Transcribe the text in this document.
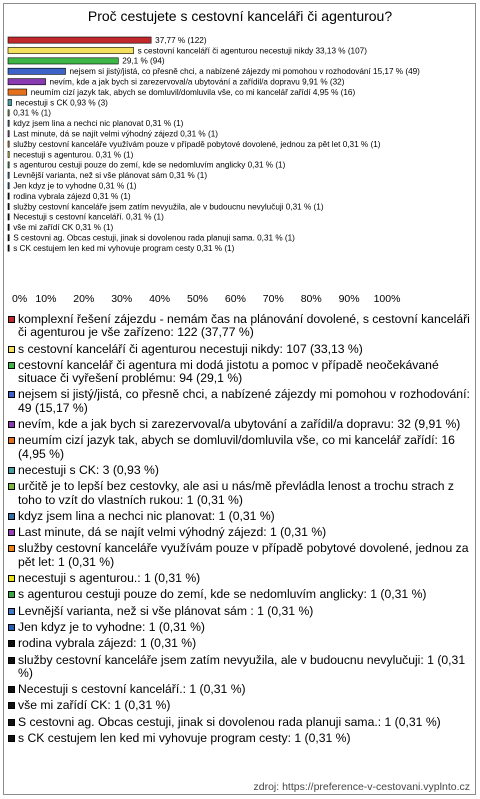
Proč cestujete s cestovní kanceláři či agenturou?
37,77 % (122)
s cestovní kanceláří či agenturou necestuji nikdy 33,13 % (107)
29,1 % (94)
nejsem si jistý/jistá, co přesně chci, a nabízené zájezdy mi pomohou v rozhodování 15,17 % (49)
nevím, kde a jak bych si zarezervoval/a ubytování a zařídil/a dopravu 9,91 % (32)
neumím cizí jazyk tak, abych se domluvil/domluvila vše, co mi kancelář zařídí 4,95 % (16)
necestuji s CK 0,93 % (3)
0,31 % (1)
kdyz jsem lina a nechci nic planovat 0,31 % (1)
Last minute, dá se najít velmi výhodný zájezd 0,31 % (1)
služby cestovní kanceláře využívám pouze v případě pobytové dovolené, jednou za pět let 0,31 % (1)
necestuji s agenturou. 0,31 % (1)
s agenturou cestuji pouze do zemí, kde se nedomluvím anglicky 0,31 % (1)
Levnější varianta, než si vše plánovat sám 0,31 % (1)
Jen kdyz je to vyhodne 0,31 % (1)
rodina vybrala zájezd 0,31 % (1)
služby cestovní kanceláře jsem zatím nevyužila, ale v budoucnu nevylučuji 0,31 % (1)
Necestuji s cestovní kanceláří. 0,31 % (1)
vše mi zařídí CK 0,31 % (1)
S cestovni ag. Obcas cestuji, jinak si dovolenou rada planuji sama. 0,31 % (1)
s CK cestujem len ked mi vyhovuje program cesty 0,31 % (1)
0% 10% 20% 30% 40% 50% 60% 70% 80% 90% 100%
komplexní řešení zájezdu - nemám čas na plánování dovolené, s cestovní kanceláři či agenturou je vše zařízeno: 122 (37,77 %)
s cestovní kanceláří či agenturou necestuji nikdy: 107 (33,13 %)
cestovní kancelář či agentura mi dodá jistotu a pomoc v případě neočekávané situace či vyřešení problému: 94 (29,1 %)
nejsem si jistý/jistá, co přesně chci, a nabízené zájezdy mi pomohou v rozhodování: 49 (15,17 %)
nevím, kde a jak bych si zarezervoval/a ubytování a zařídil/a dopravu: 32 (9,91 %)
neumím cizí jazyk tak, abych se domluvil/domluvila vše, co mi kancelář zařídí: 16 (4,95 %)
necestuji s CK: 3 (0,93 %)
určitě je to lepší bez cestovky, ale asi u nás/mě převládla lenost a trochu strach z toho to vzít do vlastních rukou: 1 (0,31 %)
kdyz jsem lina a nechci nic planovat: 1 (0,31 %)
Last minute, dá se najít velmi výhodný zájezd: 1 (0,31 %)
služby cestovní kanceláře využívám pouze v případě pobytové dovolené, jednou za pět let: 1 (0,31 %)
necestuji s agenturou.: 1 (0,31 %)
s agenturou cestuji pouze do zemí, kde se nedomluvím anglicky: 1 (0,31 %)
Levnější varianta, než si vše plánovat sám : 1 (0,31 %)
Jen kdyz je to vyhodne: 1 (0,31 %)
rodina vybrala zájezd: 1 (0,31 %)
služby cestovní kanceláře jsem zatím nevyužila, ale v budoucnu nevylučuji: 1 (0,31 %)
Necestuji s cestovní kanceláří.: 1 (0,31 %)
vše mi zařídí CK: 1 (0,31 %)
S cestovni ag. Obcas cestuji, jinak si dovolenou rada planuji sama.: 1 (0,31 %)
s CK cestujem len ked mi vyhovuje program cesty: 1 (0,31 %)
zdroj: https://preference-v-cestovani.vyplnto.cz
